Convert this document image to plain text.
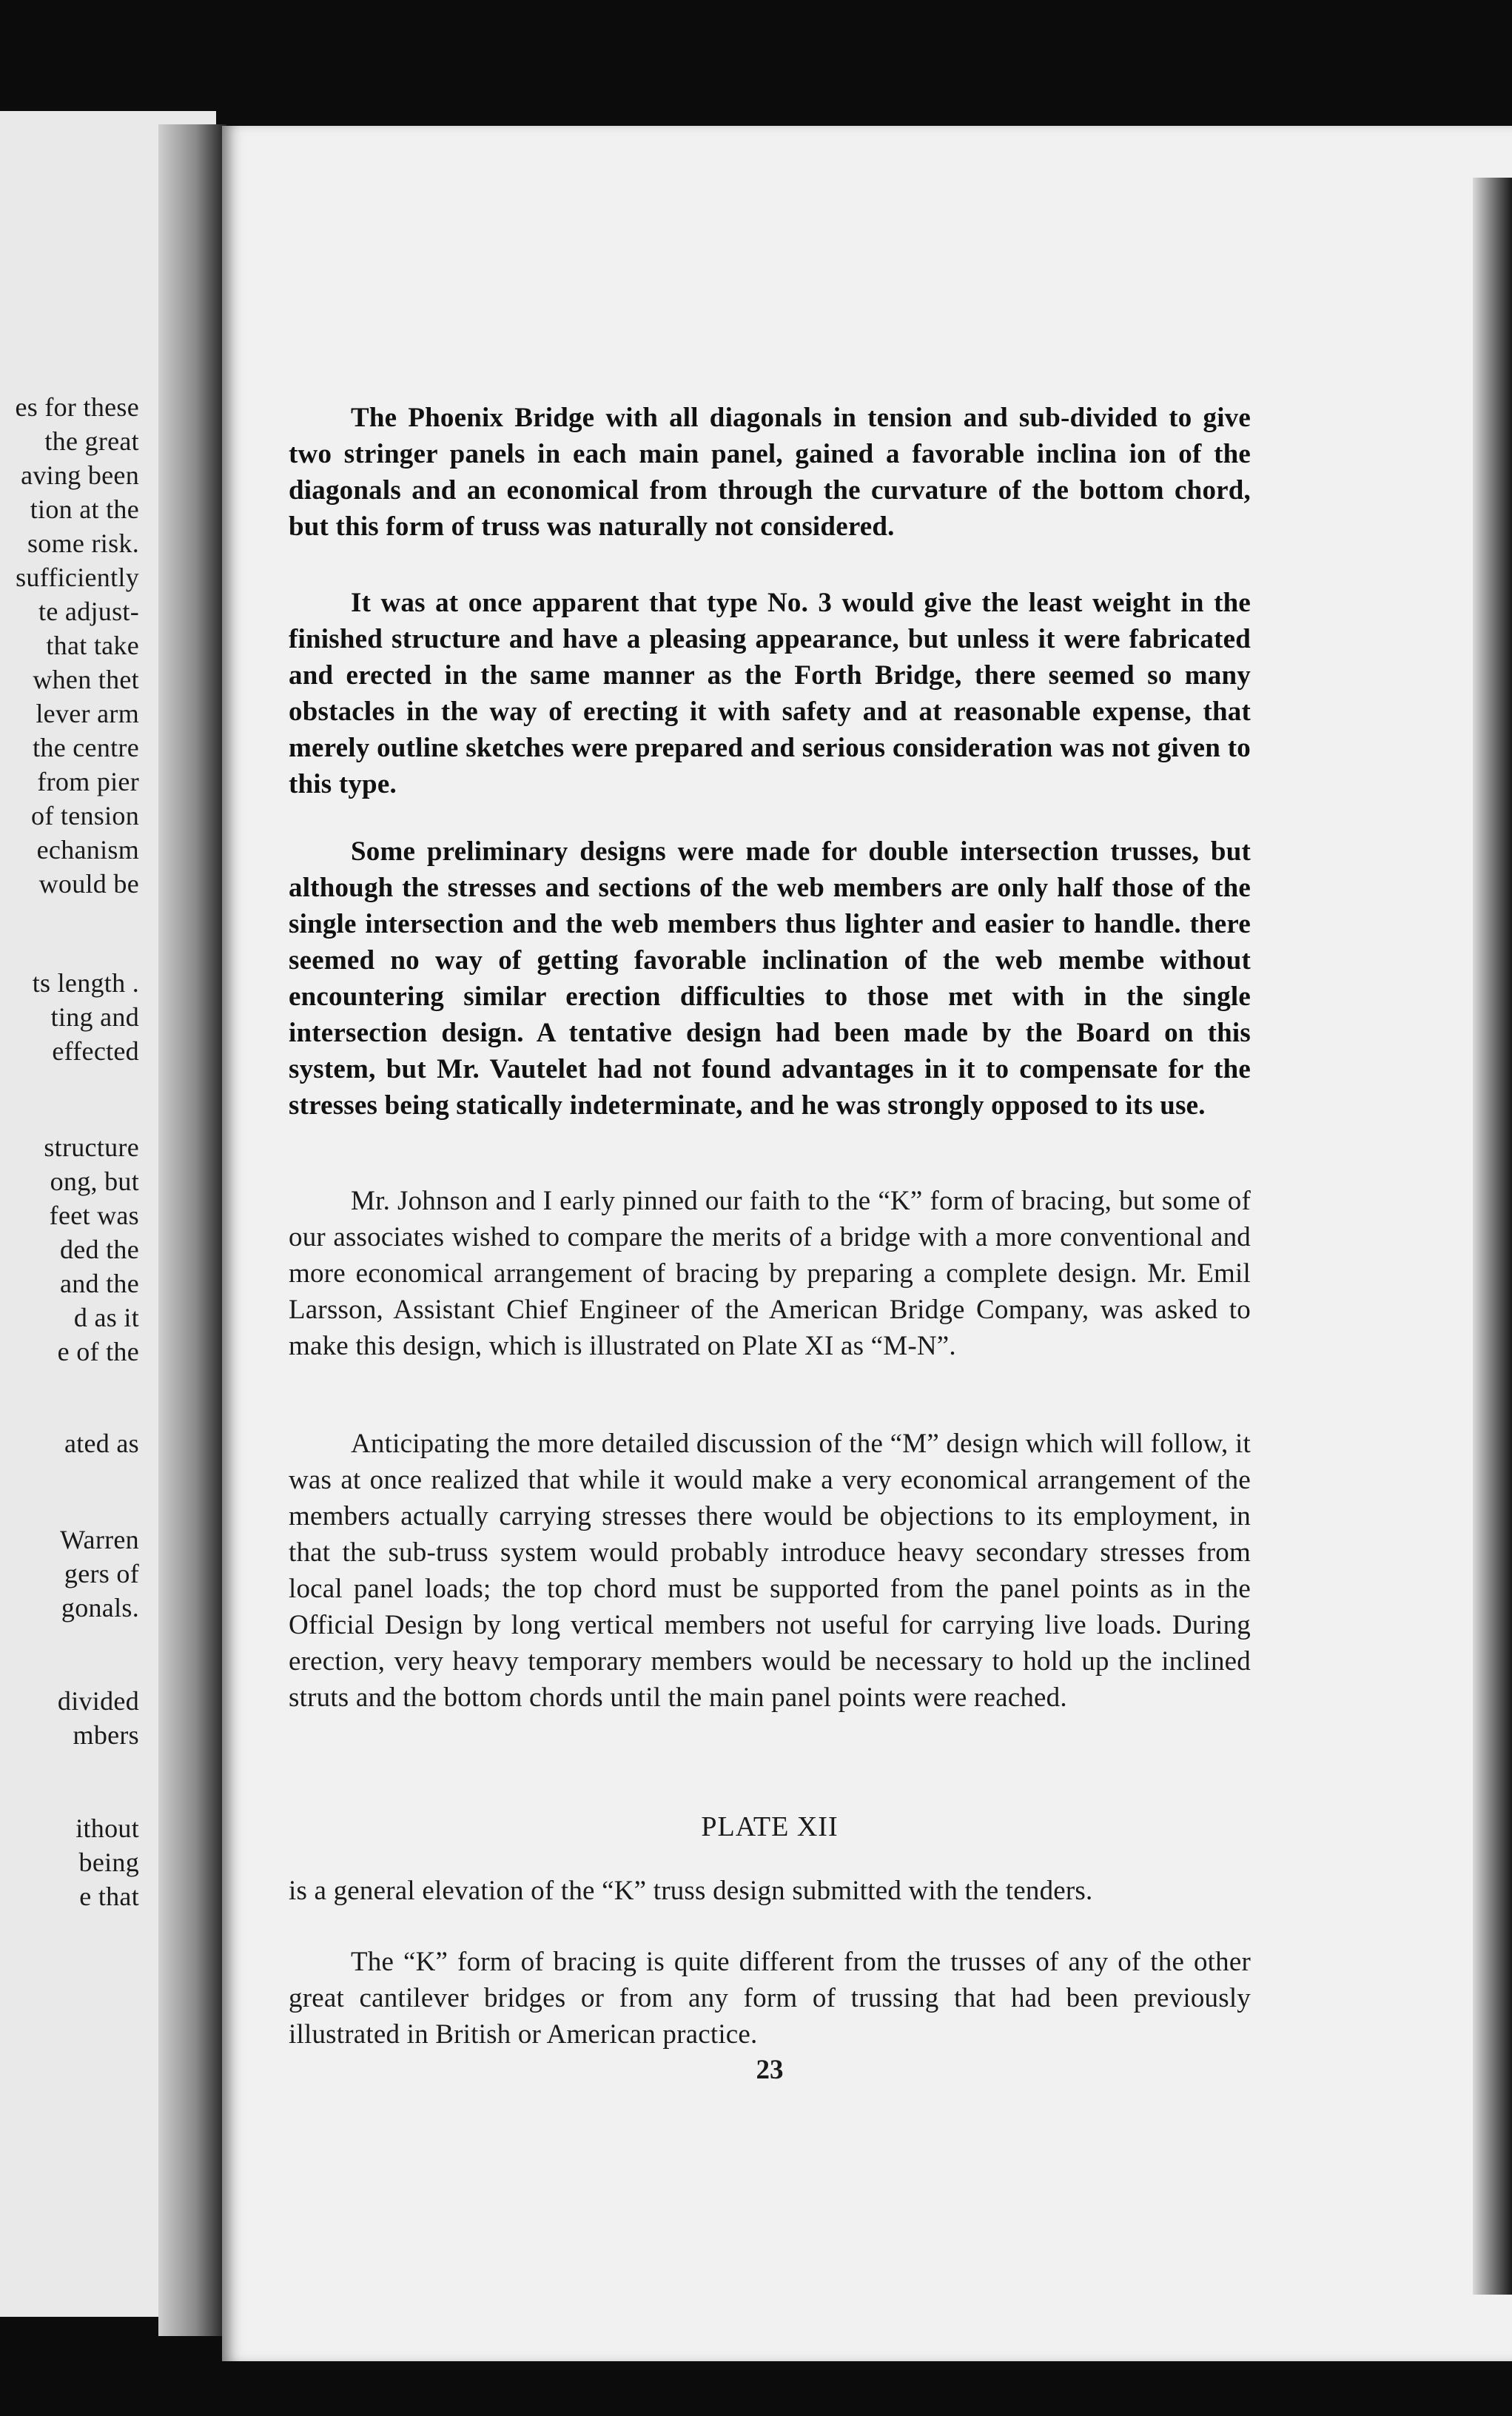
es for these
the great
aving been
tion at the
some risk.
sufficiently
te adjust-
that take
when thet
lever arm
the centre
from pier
of tension
echanism
would be
ts length .
ting and
effected
structure
ong, but
feet was
ded the
and the
d as it
e of the
ated as
Warren
gers of
gonals.
divided
mbers
ithout
being
e that

The Phoenix Bridge with all diagonals in tension and sub-divided to give two stringer panels in each main panel, gained a favorable inclina ion of the diagonals and an economical from through the curvature of the bottom chord, but this form of truss was naturally not considered.

It was at once apparent that type No. 3 would give the least weight in the finished structure and have a pleasing appearance, but unless it were fabricated and erected in the same manner as the Forth Bridge, there seemed so many obstacles in the way of erecting it with safety and at reasonable expense, that merely outline sketches were prepared and serious consideration was not given to this type.

Some preliminary designs were made for double intersection trusses, but although the stresses and sections of the web members are only half those of the single intersection and the web members thus lighter and easier to handle. there seemed no way of getting favorable inclination of the web membe without encountering similar erection difficulties to those met with in the single intersection design. A tentative design had been made by the Board on this system, but Mr. Vautelet had not found advantages in it to compensate for the stresses being statically indeterminate, and he was strongly opposed to its use.

Mr. Johnson and I early pinned our faith to the “K” form of bracing, but some of our associates wished to compare the merits of a bridge with a more conventional and more economical arrangement of bracing by preparing a complete design. Mr. Emil Larsson, Assistant Chief Engineer of the American Bridge Company, was asked to make this design, which is illustrated on Plate XI as “M-N”.

Anticipating the more detailed discussion of the “M” design which will follow, it was at once realized that while it would make a very economical arrangement of the members actually carrying stresses there would be objections to its employment, in that the sub-truss system would probably introduce heavy secondary stresses from local panel loads; the top chord must be supported from the panel points as in the Official Design by long vertical members not useful for carrying live loads. During erection, very heavy temporary members would be necessary to hold up the inclined struts and the bottom chords until the main panel points were reached.

PLATE XII

is a general elevation of the “K” truss design submitted with the tenders.

The “K” form of bracing is quite different from the trusses of any of the other great cantilever bridges or from any form of trussing that had been previously illustrated in British or American practice.

23
